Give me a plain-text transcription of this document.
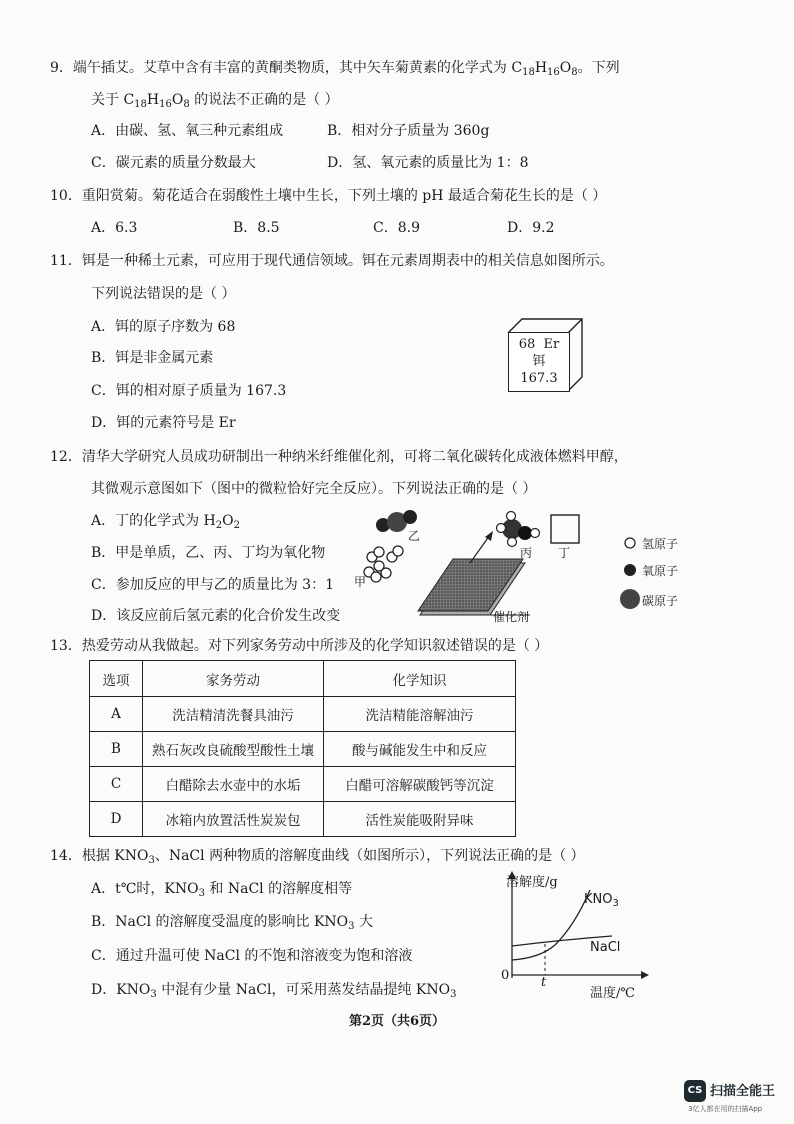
9．端午插艾。艾草中含有丰富的黄酮类物质，其中矢车菊黄素的化学式为 $C_{18}H_{16}O_8$。下列
关于 $C_{18}H_{16}O_8$ 的说法不正确的是（ ）
A．由碳、氢、氧三种元素组成	B．相对分子质量为 360g
C．碳元素的质量分数最大	D．氢、氧元素的质量比为 1：8
10．重阳赏菊。菊花适合在弱酸性土壤中生长，下列土壤的 pH 最适合菊花生长的是（ ）
A．6.3	B．8.5	C．8.9	D．9.2
11．铒是一种稀土元素，可应用于现代通信领域。铒在元素周期表中的相关信息如图所示。
下列说法错误的是（ ）
A．铒的原子序数为 68
B．铒是非金属元素
C．铒的相对原子质量为 167.3
D．铒的元素符号是 Er
68 Er
铒
167.3
12．清华大学研究人员成功研制出一种纳米纤维催化剂，可将二氧化碳转化成液体燃料甲醇，
其微观示意图如下（图中的微粒恰好完全反应）。下列说法正确的是（ ）
A．丁的化学式为 $H_2O_2$
B．甲是单质，乙、丙、丁均为氧化物
C．参加反应的甲与乙的质量比为 3：1
D．该反应前后氢元素的化合价发生改变
乙
甲
丙 丁
催化剂
氢原子
氧原子
碳原子
13．热爱劳动从我做起。对下列家务劳动中所涉及的化学知识叙述错误的是（ ）
选项	家务劳动	化学知识
A	洗洁精清洗餐具油污	洗洁精能溶解油污
B	熟石灰改良硫酸型酸性土壤	酸与碱能发生中和反应
C	白醋除去水壶中的水垢	白醋可溶解碳酸钙等沉淀
D	冰箱内放置活性炭炭包	活性炭能吸附异味
14．根据 $KNO_3$、NaCl 两种物质的溶解度曲线（如图所示），下列说法正确的是（ ）
A．t℃时，$KNO_3$ 和 NaCl 的溶解度相等
B．NaCl 的溶解度受温度的影响比 $KNO_3$ 大
C．通过升温可使 NaCl 的不饱和溶液变为饱和溶液
D．$KNO_3$ 中混有少量 NaCl，可采用蒸发结晶提纯 $KNO_3$
溶解度/g
$KNO_3$
NaCl
0 t
温度/℃
第2页（共6页）
CS 扫描全能王
3亿人都在用的扫描App
